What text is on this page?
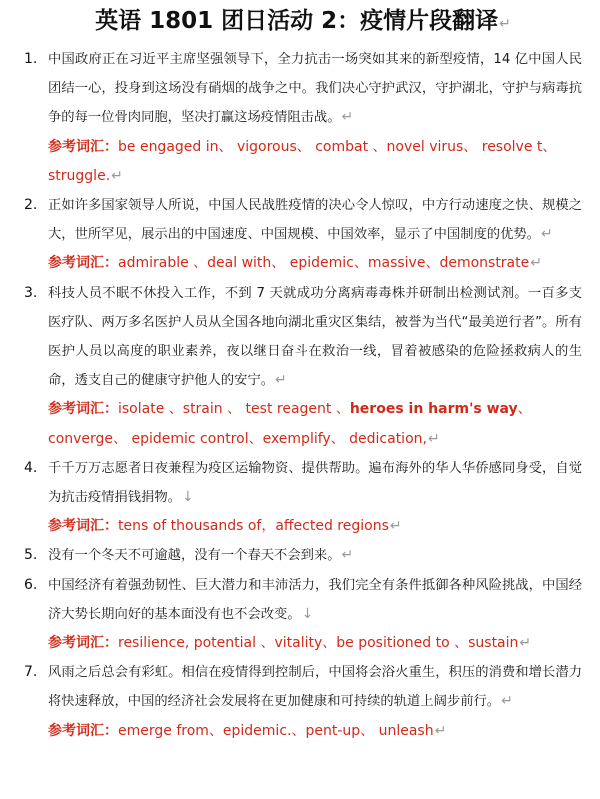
英语 1801 团日活动 2：疫情片段翻译↵
1. 中国政府正在习近平主席坚强领导下，全力抗击一场突如其来的新型疫情，14 亿中国人民团结一心，投身到这场没有硝烟的战争之中。我们决心守护武汉，守护湖北，守护与病毒抗争的每一位骨肉同胞，坚决打赢这场疫情阻击战。↵
参考词汇：be engaged in、 vigorous、 combat 、novel virus、 resolve t、 struggle.↵
2. 正如许多国家领导人所说，中国人民战胜疫情的决心令人惊叹，中方行动速度之快、规模之大，世所罕见，展示出的中国速度、中国规模、中国效率，显示了中国制度的优势。↵
参考词汇：admirable 、deal with、 epidemic、massive、demonstrate↵
3. 科技人员不眠不休投入工作，不到 7 天就成功分离病毒毒株并研制出检测试剂。一百多支医疗队、两万多名医护人员从全国各地向湖北重灾区集结，被誉为当代“最美逆行者”。所有医护人员以高度的职业素养，夜以继日奋斗在救治一线，冒着被感染的危险拯救病人的生命，透支自己的健康守护他人的安宁。↵
参考词汇：isolate 、strain 、 test reagent 、heroes in harm's way、converge、 epidemic control、exemplify、 dedication,↵
4. 千千万万志愿者日夜兼程为疫区运输物资、提供帮助。遍布海外的华人华侨感同身受，自觉为抗击疫情捐钱捐物。↓
参考词汇：tens of thousands of，affected regions↵
5. 没有一个冬天不可逾越，没有一个春天不会到来。↵
6. 中国经济有着强劲韧性、巨大潜力和丰沛活力，我们完全有条件抵御各种风险挑战，中国经济大势长期向好的基本面没有也不会改变。↓
参考词汇：resilience, potential 、vitality、be positioned to 、sustain↵
7. 风雨之后总会有彩虹。相信在疫情得到控制后，中国将会浴火重生，积压的消费和增长潜力将快速释放，中国的经济社会发展将在更加健康和可持续的轨道上阔步前行。↵
参考词汇：emerge from、epidemic.、pent-up、 unleash↵
